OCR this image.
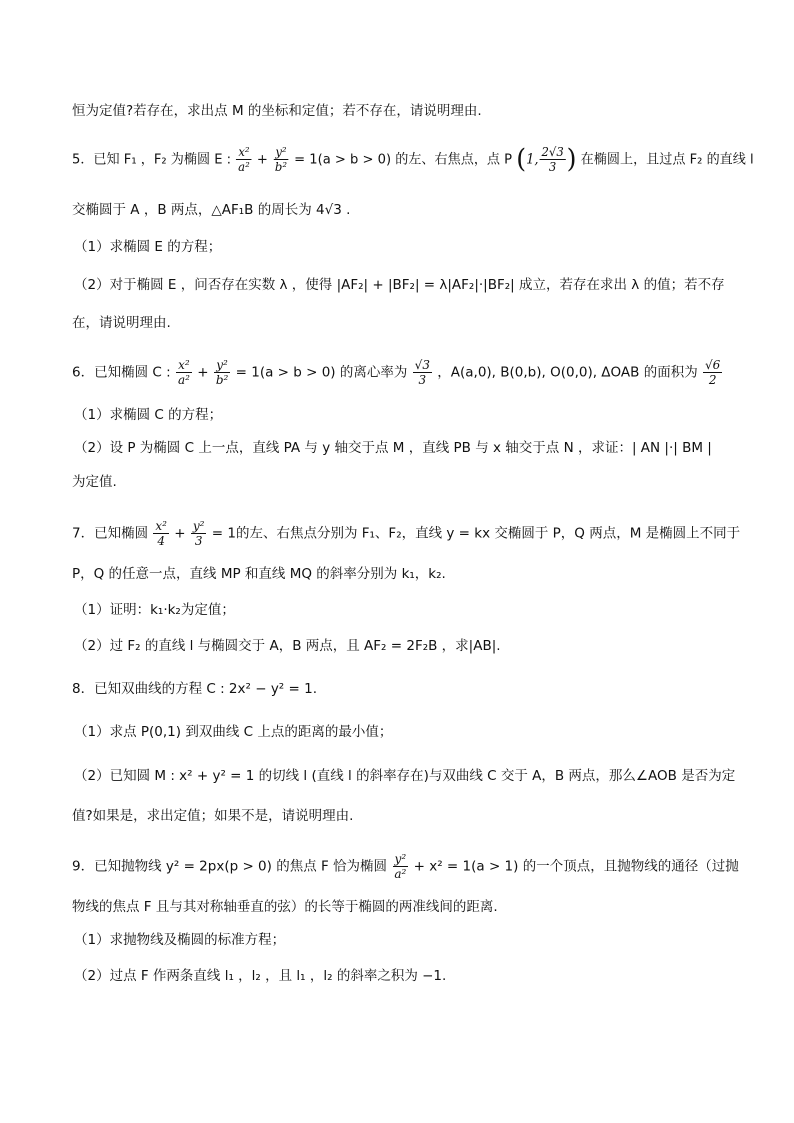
恒为定值?若存在，求出点 M 的坐标和定值；若不存在，请说明理由.
5．已知 F₁ ，F₂ 为椭圆 E : $\frac{\text{x²}}{\text{a²}} + \frac{\text{y²}}{\text{b²}} = 1(a > b > 0)$ 的左、右焦点，点 P (1, $\frac{2√3}{3}$ ) 在椭圆上，且过点 F₂ 的直线 l
交椭圆于 A ，B 两点，△AF₁B 的周长为 4√3 .
（1）求椭圆 E 的方程；
（2）对于椭圆 E ，问否存在实数 λ ，使得 |AF₂| + |BF₂| = λ|AF₂|·|BF₂| 成立，若存在求出 λ 的值；若不存
在，请说明理由.
6．已知椭圆 C : $\frac{\text{x²}}{\text{a²}} + \frac{\text{y²}}{\text{b²}} = 1(a > b > 0)$ 的离心率为 $\frac{√3}{3}$ ，A(a,0), B(0,b), O(0,0), ΔOAB 的面积为 $\frac{√6}{2}$
（1）求椭圆 C 的方程；
（2）设 P 为椭圆 C 上一点，直线 PA 与 y 轴交于点 M ，直线 PB 与 x 轴交于点 N ，求证：| AN |·| BM |
为定值.
7．已知椭圆 $\frac{\text{x²}}{4} + \frac{\text{y²}}{3} = 1$的左、右焦点分别为 F₁、F₂，直线 y = kx 交椭圆于 P，Q 两点，M 是椭圆上不同于
P，Q 的任意一点，直线 MP 和直线 MQ 的斜率分别为 k₁，k₂.
（1）证明：k₁·k₂为定值；
（2）过 F₂ 的直线 l 与椭圆交于 A，B 两点，且 AF₂ = 2F₂B ，求|AB|.
8．已知双曲线的方程 C : 2x² − y² = 1.
（1）求点 P(0,1) 到双曲线 C 上点的距离的最小值；
（2）已知圆 M : x² + y² = 1 的切线 l (直线 l 的斜率存在)与双曲线 C 交于 A，B 两点，那么∠AOB 是否为定
值?如果是，求出定值；如果不是，请说明理由.
9．已知抛物线 y² = 2px(p > 0) 的焦点 F 恰为椭圆 $\frac{\text{y²}}{\text{a²}} + x^2 = 1(a > 1)$ 的一个顶点，且抛物线的通径（过抛
物线的焦点 F 且与其对称轴垂直的弦）的长等于椭圆的两准线间的距离.
（1）求抛物线及椭圆的标准方程；
（2）过点 F 作两条直线 l₁ ，l₂ ，且 l₁ ，l₂ 的斜率之积为 −1.
